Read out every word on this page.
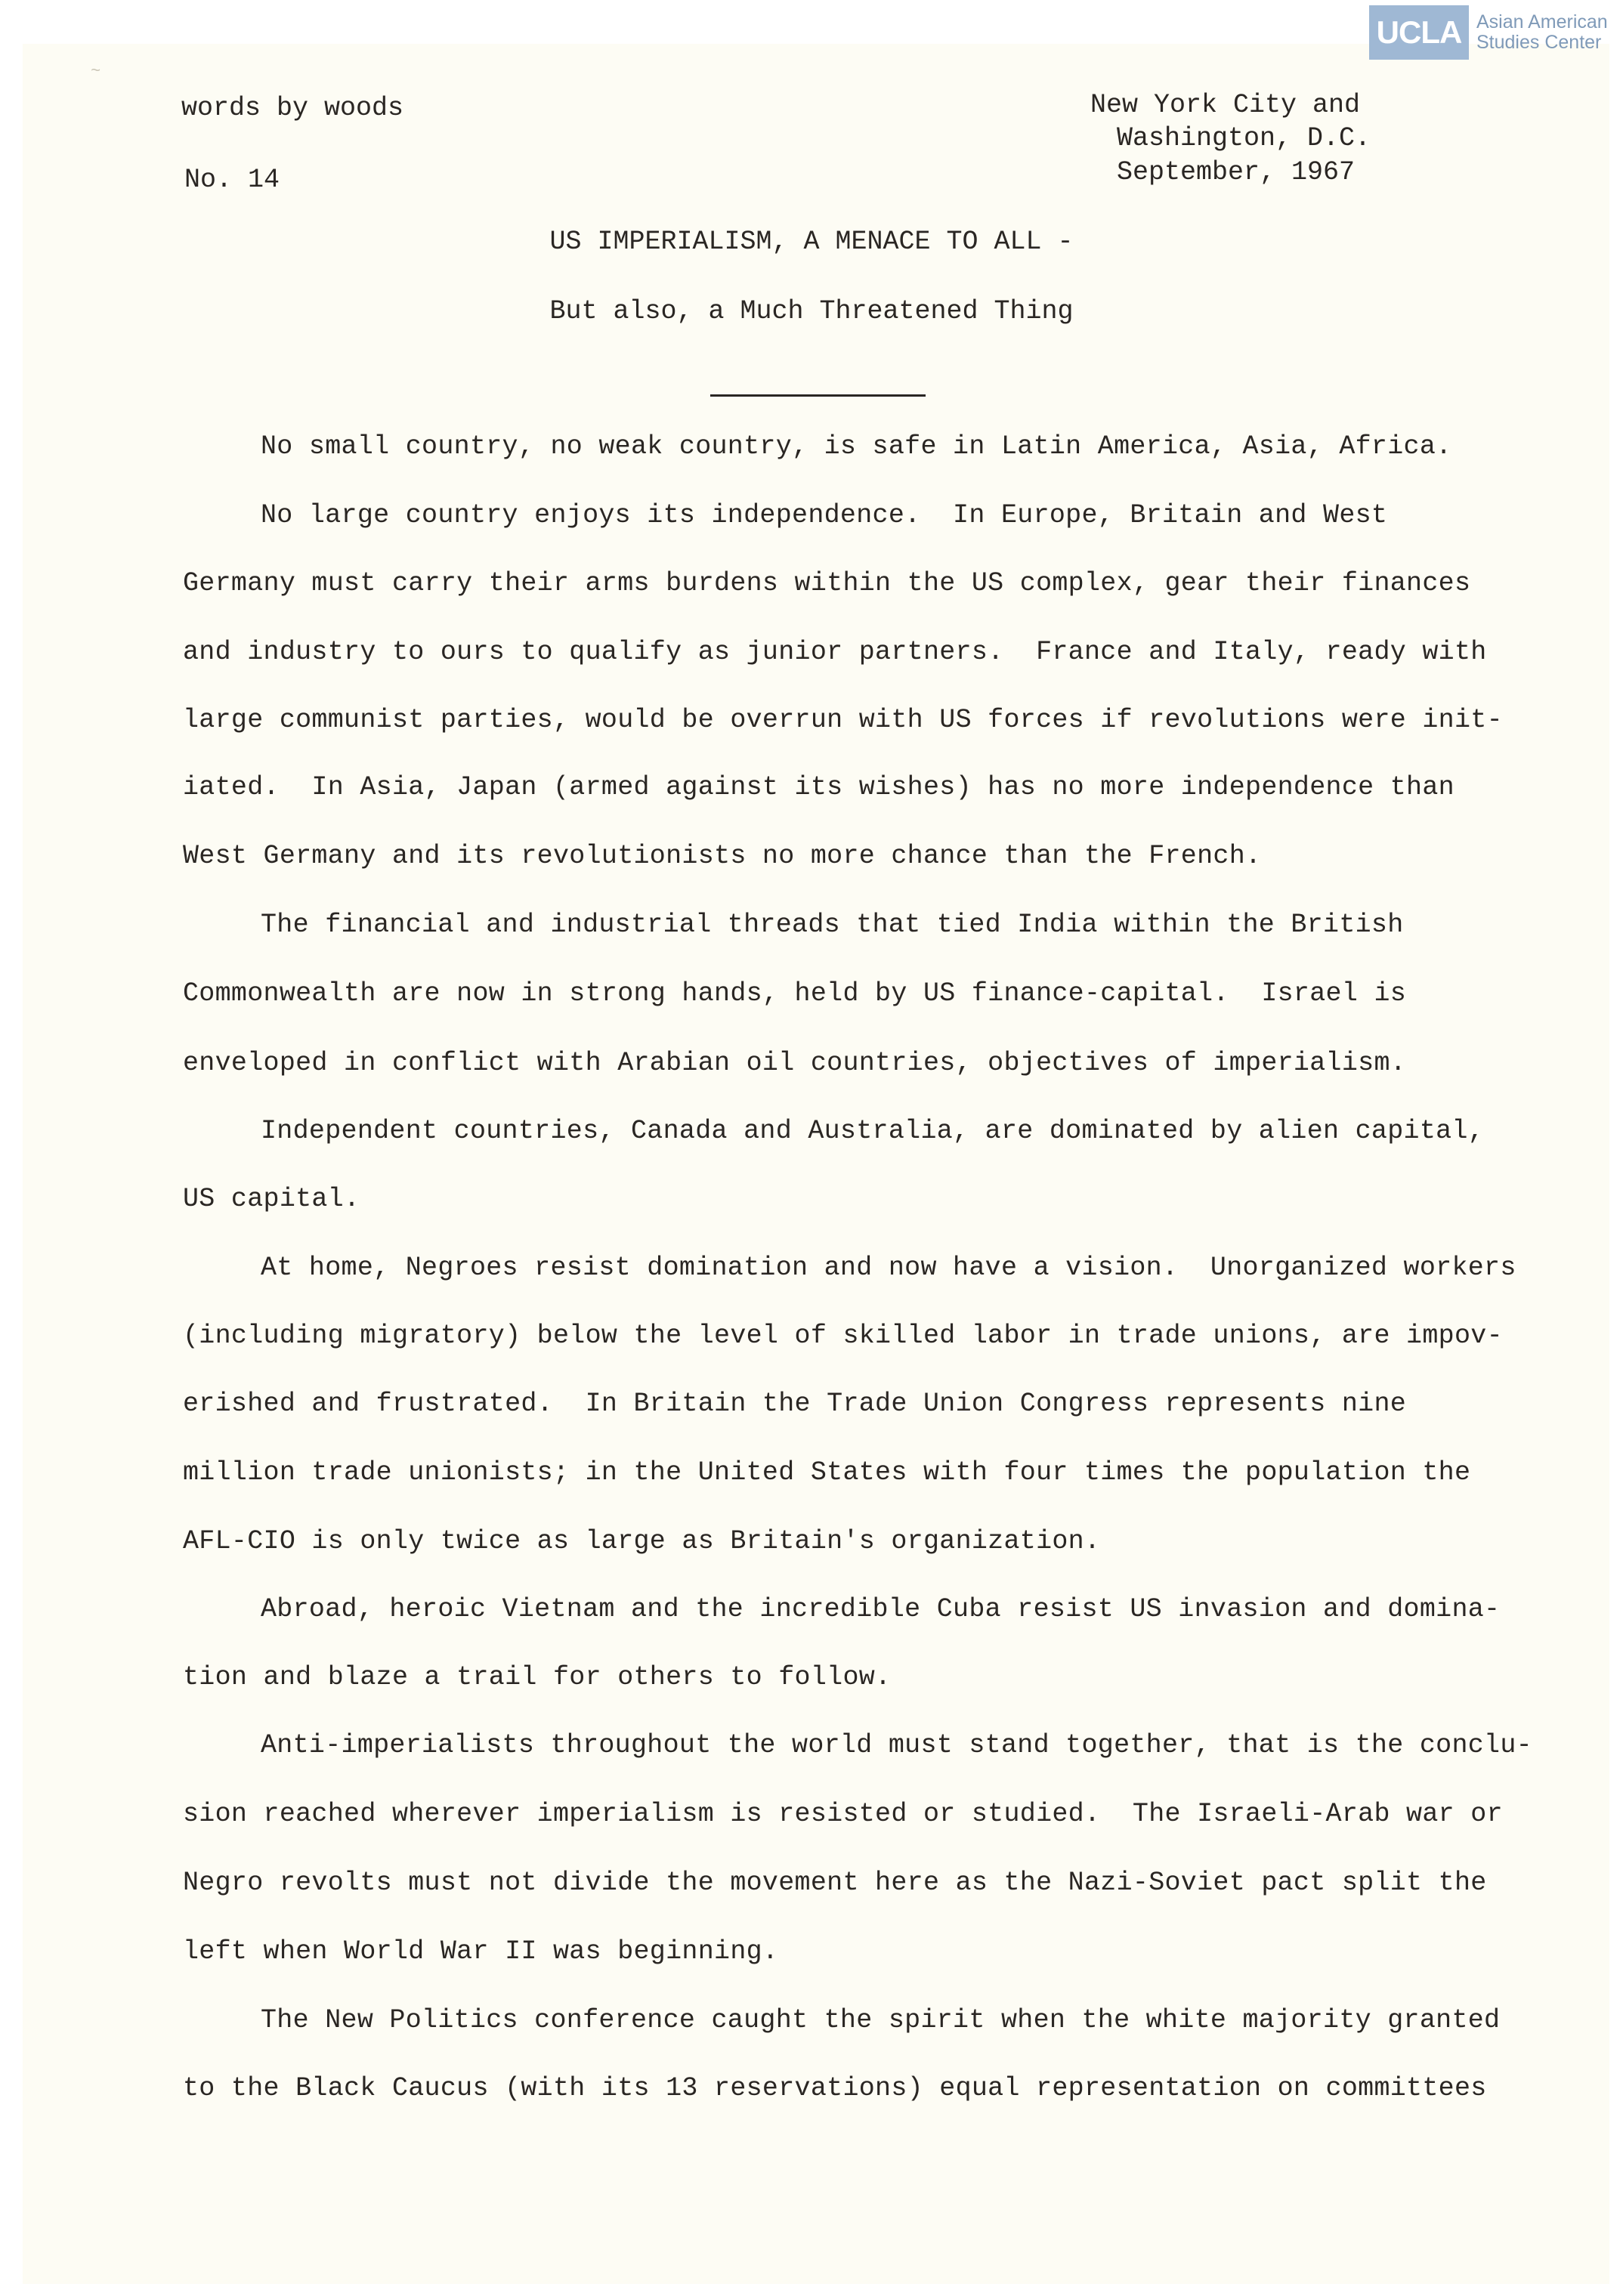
UCLA Asian American
Studies Center
~
words by woods
No. 14
New York City and
Washington, D.C.
September, 1967
US IMPERIALISM, A MENACE TO ALL -
But also, a Much Threatened Thing
No small country, no weak country, is safe in Latin America, Asia, Africa.
No large country enjoys its independence.  In Europe, Britain and West
Germany must carry their arms burdens within the US complex, gear their finances
and industry to ours to qualify as junior partners.  France and Italy, ready with
large communist parties, would be overrun with US forces if revolutions were init-
iated.  In Asia, Japan (armed against its wishes) has no more independence than
West Germany and its revolutionists no more chance than the French.
The financial and industrial threads that tied India within the British
Commonwealth are now in strong hands, held by US finance-capital.  Israel is
enveloped in conflict with Arabian oil countries, objectives of imperialism.
Independent countries, Canada and Australia, are dominated by alien capital,
US capital.
At home, Negroes resist domination and now have a vision.  Unorganized workers
(including migratory) below the level of skilled labor in trade unions, are impov-
erished and frustrated.  In Britain the Trade Union Congress represents nine
million trade unionists; in the United States with four times the population the
AFL-CIO is only twice as large as Britain's organization.
Abroad, heroic Vietnam and the incredible Cuba resist US invasion and domina-
tion and blaze a trail for others to follow.
Anti-imperialists throughout the world must stand together, that is the conclu-
sion reached wherever imperialism is resisted or studied.  The Israeli-Arab war or
Negro revolts must not divide the movement here as the Nazi-Soviet pact split the
left when World War II was beginning.
The New Politics conference caught the spirit when the white majority granted
to the Black Caucus (with its 13 reservations) equal representation on committees
